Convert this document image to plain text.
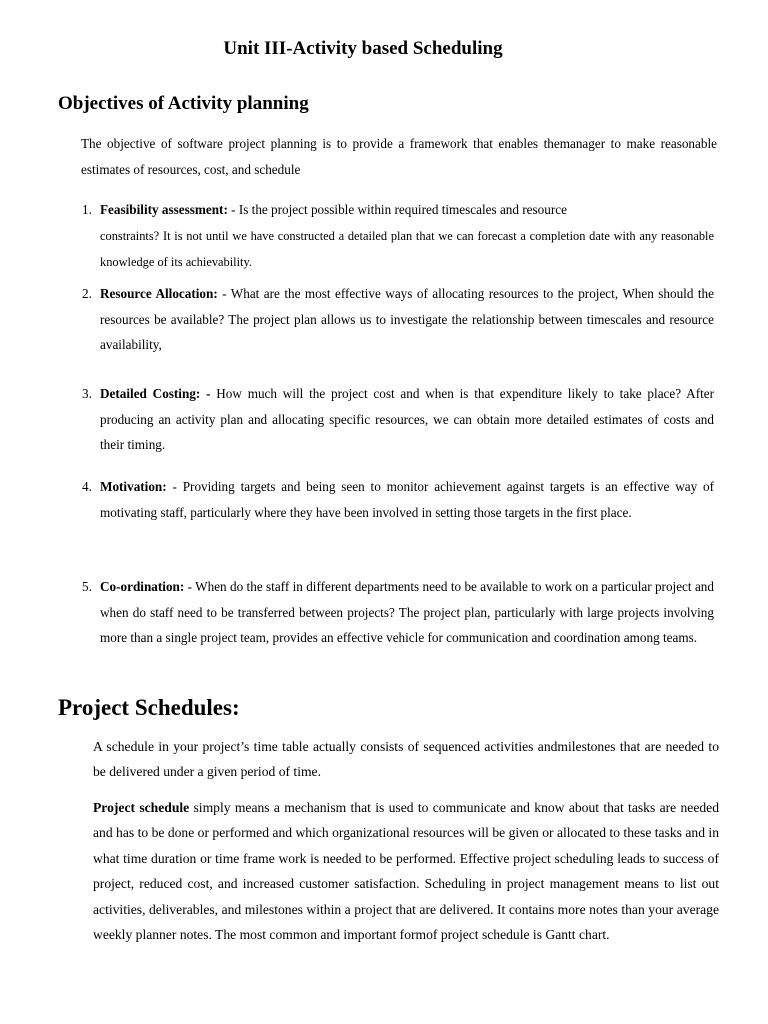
Unit III-Activity based Scheduling
Objectives of Activity planning

The objective of software project planning is to provide a framework that enables themanager to make reasonable estimates of resources, cost, and schedule

1. Feasibility assessment: - Is the project possible within required timescales and resource
constraints? It is not until we have constructed a detailed plan that we can forecast a completion date with any reasonable knowledge of its achievability.
2. Resource Allocation: - What are the most effective ways of allocating resources to the project, When should the resources be available? The project plan allows us to investigate the relationship between timescales and resource availability,
3. Detailed Costing: - How much will the project cost and when is that expenditure likely to take place? After producing an activity plan and allocating specific resources, we can obtain more detailed estimates of costs and their timing.
4. Motivation: - Providing targets and being seen to monitor achievement against targets is an effective way of motivating staff, particularly where they have been involved in setting those targets in the first place.
5. Co-ordination: - When do the staff in different departments need to be available to work on a particular project and when do staff need to be transferred between projects? The project plan, particularly with large projects involving more than a single project team, provides an effective vehicle for communication and coordination among teams.
Project Schedules:

A schedule in your project’s time table actually consists of sequenced activities andmilestones that are needed to be delivered under a given period of time.

Project schedule simply means a mechanism that is used to communicate and know about that tasks are needed and has to be done or performed and which organizational resources will be given or allocated to these tasks and in what time duration or time frame work is needed to be performed. Effective project scheduling leads to success of project, reduced cost, and increased customer satisfaction. Scheduling in project management means to list out activities, deliverables, and milestones within a project that are delivered. It contains more notes than your average weekly planner notes. The most common and important formof project schedule is Gantt chart.
